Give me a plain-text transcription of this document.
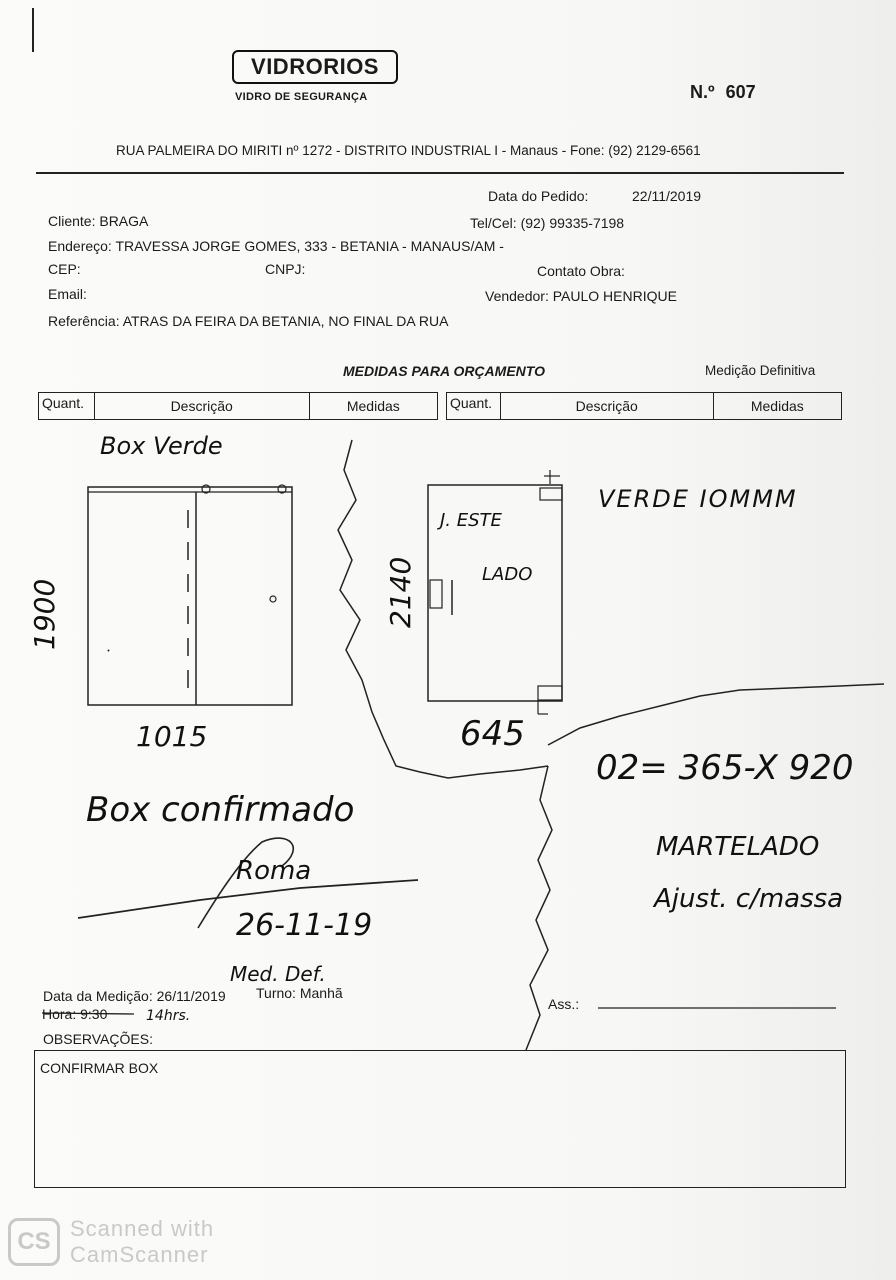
VIDRORIOS
VIDRO DE SEGURANÇA	N.º 607
RUA PALMEIRA DO MIRITI nº 1272 - DISTRITO INDUSTRIAL I - Manaus - Fone: (92) 2129-6561
Data do Pedido:	22/11/2019
Cliente: BRAGA	Tel/Cel: (92) 99335-7198
Endereço: TRAVESSA JORGE GOMES, 333 - BETANIA - MANAUS/AM -
CEP:	CNPJ:	Contato Obra:
Email:	Vendedor: PAULO HENRIQUE
Referência: ATRAS DA FEIRA DA BETANIA, NO FINAL DA RUA
MEDIDAS PARA ORÇAMENTO	Medição Definitiva
Quant.	Descrição	Medidas	Quant.	Descrição	Medidas
Box Verde
1900
1015
2140
J. ESTE
LADO
645
VERDE IOMMM
02= 365-X 920
MARTELADO
Ajust. c/massa
Box confirmado
Roma
26-11-19
Med. Def.
14hrs.
Data da Medição: 26/11/2019 Turno: Manhã
Hora: 9:30
Ass.:
OBSERVAÇÕES:
CONFIRMAR BOX
CS Scanned with
CamScanner
